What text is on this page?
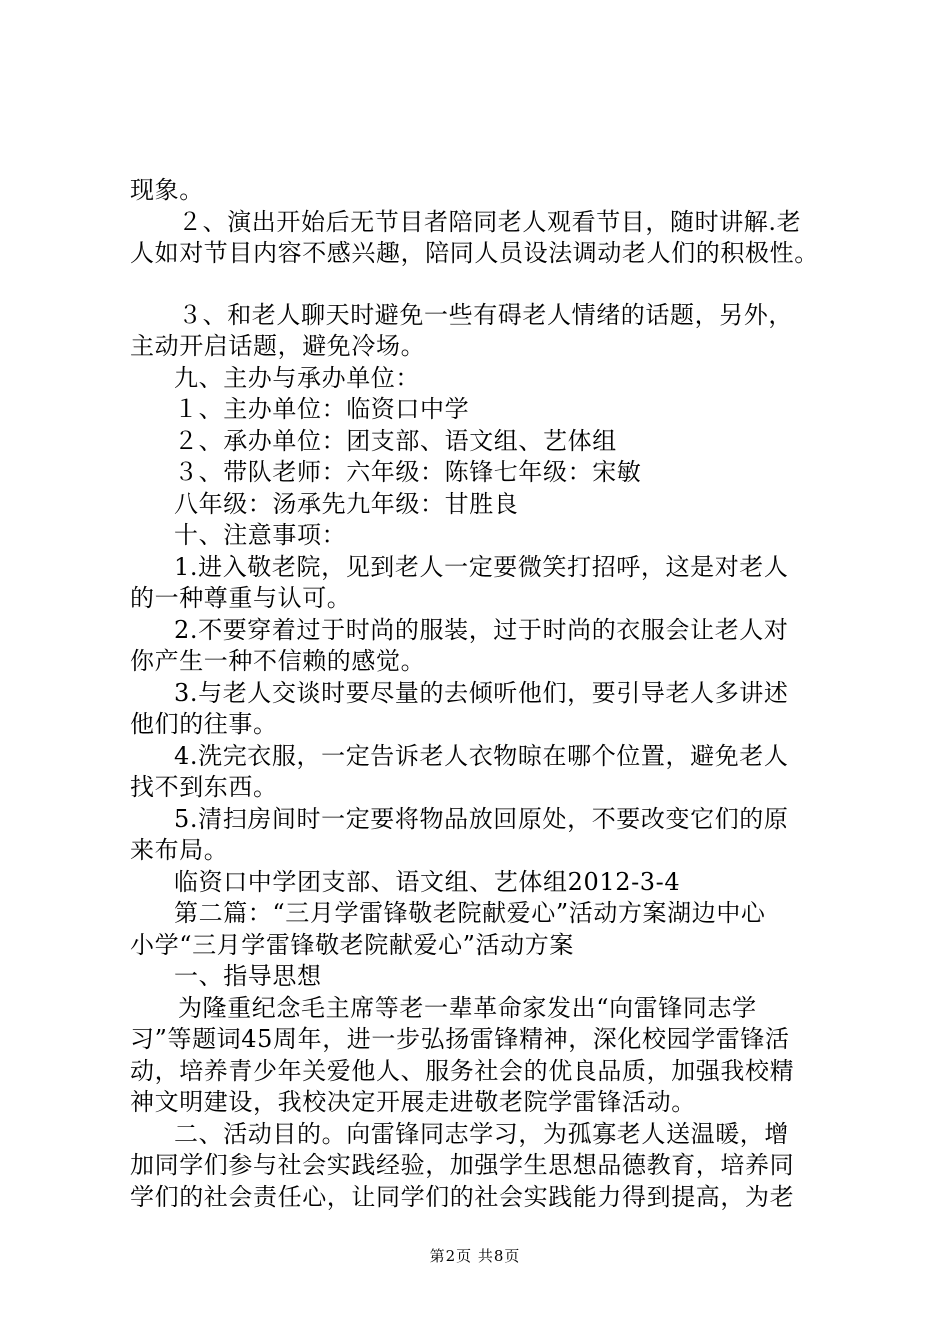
现象。
２、演出开始后无节目者陪同老人观看节目，随时讲解.老
人如对节目内容不感兴趣，陪同人员设法调动老人们的积极性。
３、和老人聊天时避免一些有碍老人情绪的话题，另外，
主动开启话题，避免冷场。
九、主办与承办单位：
１、主办单位：临资口中学
２、承办单位：团支部、语文组、艺体组
３、带队老师：六年级：陈锋七年级：宋敏
八年级：汤承先九年级：甘胜良
十、注意事项：
1.进入敬老院，见到老人一定要微笑打招呼，这是对老人
的一种尊重与认可。
2.不要穿着过于时尚的服装，过于时尚的衣服会让老人对
你产生一种不信赖的感觉。
3.与老人交谈时要尽量的去倾听他们，要引导老人多讲述
他们的往事。
4.洗完衣服，一定告诉老人衣物晾在哪个位置，避免老人
找不到东西。
5.清扫房间时一定要将物品放回原处，不要改变它们的原
来布局。
临资口中学团支部、语文组、艺体组2012-3-4
第二篇：“三月学雷锋敬老院献爱心”活动方案湖边中心
小学“三月学雷锋敬老院献爱心”活动方案
一、指导思想
为隆重纪念毛主席等老一辈革命家发出“向雷锋同志学
习”等题词45周年，进一步弘扬雷锋精神，深化校园学雷锋活
动，培养青少年关爱他人、服务社会的优良品质，加强我校精
神文明建设，我校决定开展走进敬老院学雷锋活动。
二、活动目的。向雷锋同志学习，为孤寡老人送温暖，增
加同学们参与社会实践经验，加强学生思想品德教育，培养同
学们的社会责任心，让同学们的社会实践能力得到提高，为老
第2页 共8页
